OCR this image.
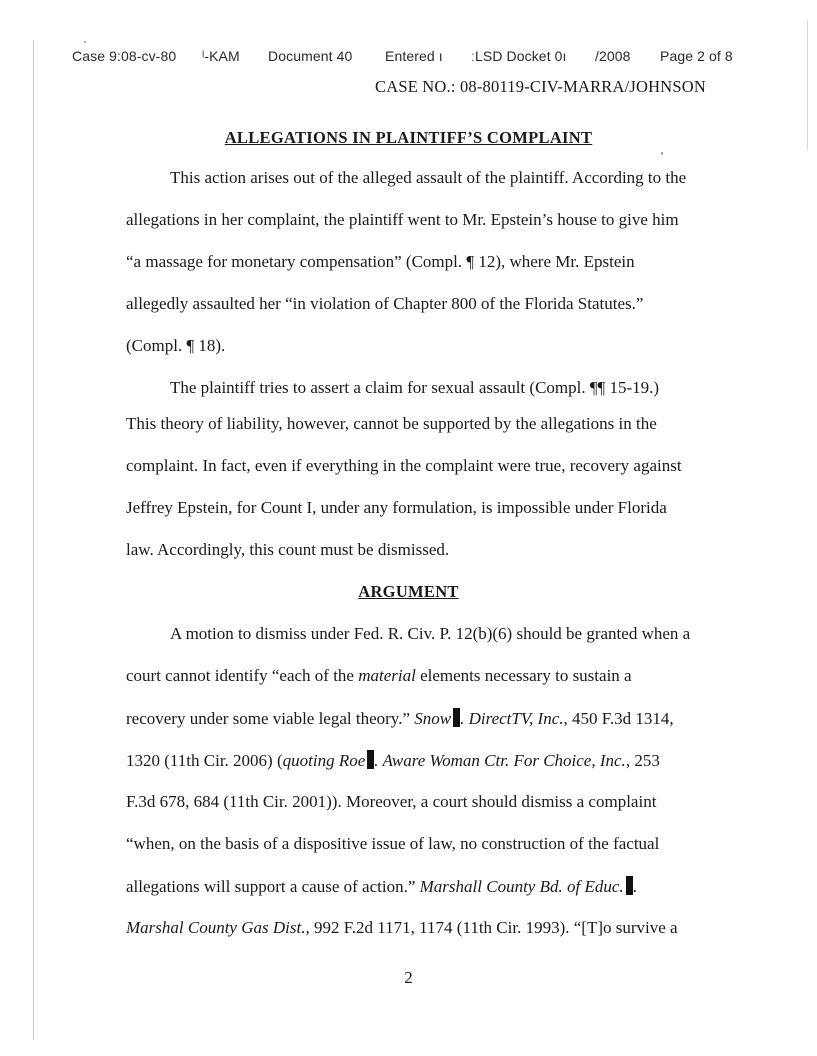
Case 9:08-cv-80

ˡ-KAM

Document 40

Entered ı

ːLSD Docket 0ı

/2008

Page 2 of 8

CASE NO.: 08-80119-CIV-MARRA/JOHNSON
ALLEGATIONS IN PLAINTIFF’S COMPLAINT
This action arises out of the alleged assault of the plaintiff. According to the
allegations in her complaint, the plaintiff went to Mr. Epstein’s house to give him
“a massage for monetary compensation” (Compl. ¶ 12), where Mr. Epstein
allegedly assaulted her “in violation of Chapter 800 of the Florida Statutes.”
(Compl. ¶ 18).
The plaintiff tries to assert a claim for sexual assault (Compl. ¶¶ 15-19.)
This theory of liability, however, cannot be supported by the allegations in the
complaint. In fact, even if everything in the complaint were true, recovery against
Jeffrey Epstein, for Count I, under any formulation, is impossible under Florida
law. Accordingly, this count must be dismissed.
ARGUMENT
A motion to dismiss under Fed. R. Civ. P. 12(b)(6) should be granted when a
court cannot identify “each of the material elements necessary to sustain a
recovery under some viable legal theory.” Snow . DirectTV, Inc., 450 F.3d 1314,
1320 (11th Cir. 2006) (quoting Roe . Aware Woman Ctr. For Choice, Inc., 253
F.3d 678, 684 (11th Cir. 2001)). Moreover, a court should dismiss a complaint
“when, on the basis of a dispositive issue of law, no construction of the factual
allegations will support a cause of action.” Marshall County Bd. of Educ. .
Marshal County Gas Dist., 992 F.2d 1171, 1174 (11th Cir. 1993). “[T]o survive a
2
